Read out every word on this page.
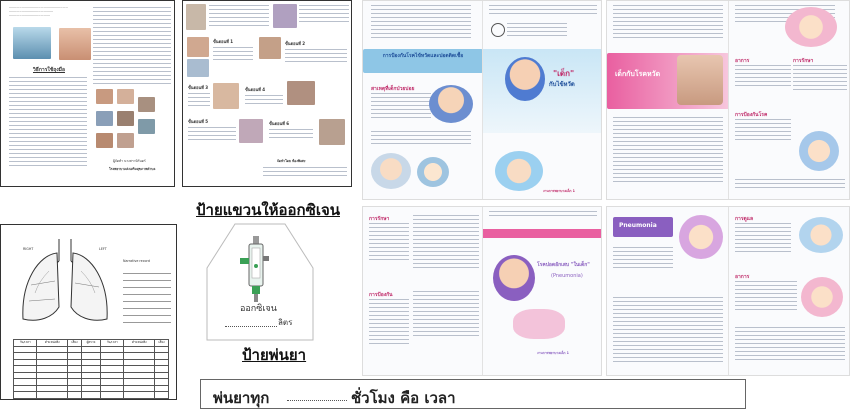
........................................................
..........................................
.......................................
วิธีการใช้ถุงมือ
ผู้จัดทำ นางสาวนิรันดร์
โรงพยาบาลส่งเสริมสุขภาพตำบล
ขั้นตอนที่ 1	ขั้นตอนที่ 2
ขั้นตอนที่ 3	ขั้นตอนที่ 4
ขั้นตอนที่ 5	ขั้นตอนที่ 6
จัดทำโดย ห้องพิเศษ
ป้ายแขวนให้ออกซิเจน
RIGHT	LEFT
Narrative record
วัน/เวลา	ตำแหน่งฟัง	เสียง	ผู้ตรวจ	วัน/เวลา	ตำแหน่งฟัง	เสียง

ออกซิเจน
ลิตร
ป้ายพ่นยา
พ่นยาทุก	ชั่วโมง คือ เวลา
การป้องกันโรคไข้หวัดและปอดติดเชื้อ
สาเหตุที่เด็กป่วยบ่อย
"เด็ก"
กับไข้หวัด
งานการพยาบาลเด็ก 1
เด็กกับโรคหวัด
อาการ	การรักษา
การป้องกันโรค
การรักษา
การป้องกัน
โรคปอดอักเสบ "ในเด็ก"
(Pneumonia)
งานการพยาบาลเด็ก 1
Pneumonia
การดูแล
อาการ
